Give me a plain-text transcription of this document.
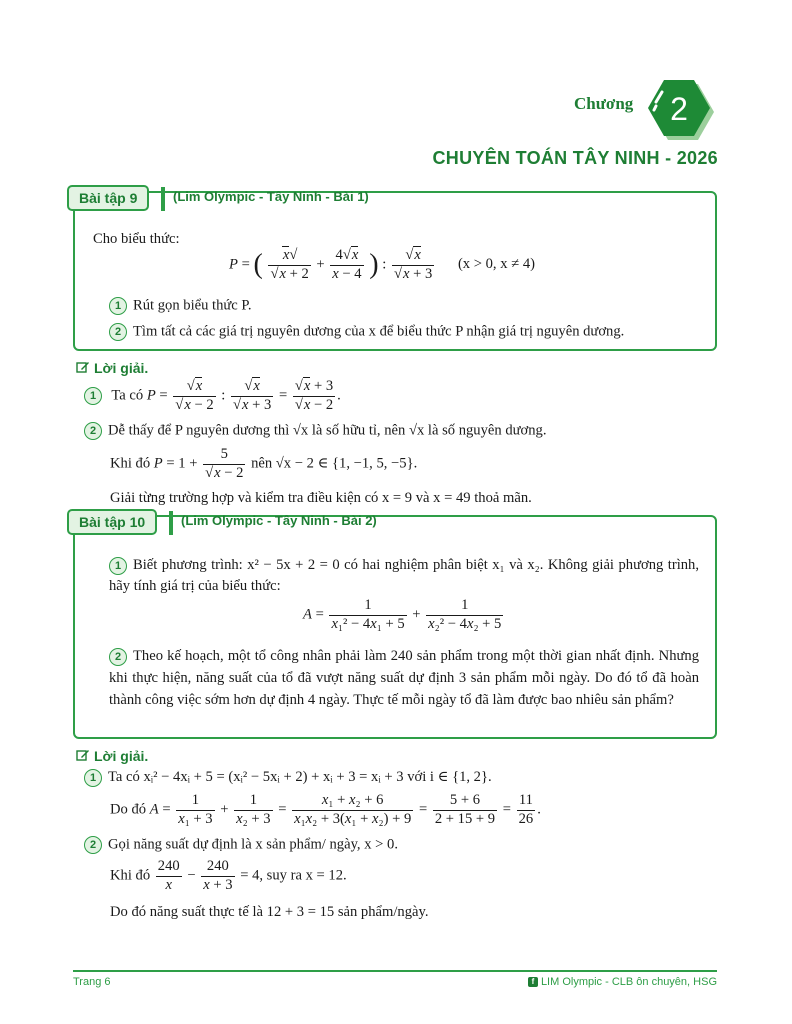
Chương 2
CHUYÊN TOÁN TÂY NINH - 2026
Bài tập 9	(Lim Olympic - Tây Ninh - Bài 1)
Cho biểu thức:
P = ( $\frac{x√}{√x + 2} + \frac{4√x}{x - 4}$ ) : $\frac{√x}{√x + 3} (x > 0$, x ≠ 4)
1 Rút gọn biểu thức P.
2 Tìm tất cả các giá trị nguyên dương của x để biểu thức P nhận giá trị nguyên dương.
Lời giải.
1 Ta có $P = \frac{√x}{√x - 2}$ : $\frac{√x}{√x + 3} = \frac{√x + 3}{√x - 2}$ .
2 Dễ thấy để P nguyên dương thì √x là số hữu tỉ, nên √x là số nguyên dương.
Khi đó $P = 1 + \frac{5}{√x - 2}$ nên √x − 2 ∈ {1, −1, 5, −5}.
Giải từng trường hợp và kiểm tra điều kiện có x = 9 và x = 49 thoả mãn.
Bài tập 10	(Lim Olympic - Tây Ninh - Bài 2)
1 Biết phương trình: x² − 5x + 2 = 0 có hai nghiệm phân biệt x₁ và x₂. Không giải phương trình, hãy tính giá trị của biểu thức:
$A = \frac{1}{\text{x₁² − 4x₁ + 5}} + \frac{1}{\text{x₂² − 4x₂ + 5}}$
2 Theo kế hoạch, một tổ công nhân phải làm 240 sản phẩm trong một thời gian nhất định. Nhưng khi thực hiện, năng suất của tổ đã vượt năng suất dự định 3 sản phẩm mỗi ngày. Do đó tổ đã hoàn thành công việc sớm hơn dự định 4 ngày. Thực tế mỗi ngày tổ đã làm được bao nhiêu sản phẩm?
Lời giải.
1 Ta có xᵢ² − 4xᵢ + 5 = (xᵢ² − 5xᵢ + 2) + xᵢ + 3 = xᵢ + 3 với i ∈ {1, 2}.
Do đó $A = \frac{1}{\text{x₁ + 3}} + \frac{1}{\text{x₂ + 3}} = \frac{\text{x₁ + x₂ + 6}}{\text{x₁x₂ + 3(x₁ + x₂) + 9}} = \frac{5 + 6}{2 + 15 + 9} = \frac{11}{26}$ .
2 Gọi năng suất dự định là x sản phẩm/ ngày, x > 0.
Khi đó $\frac{240}{x} - \frac{240}{x + 3} = 4$, suy ra x = 12.
Do đó năng suất thực tế là 12 + 3 = 15 sản phẩm/ngày.
Trang 6	f LIM Olympic - CLB ôn chuyên, HSG
